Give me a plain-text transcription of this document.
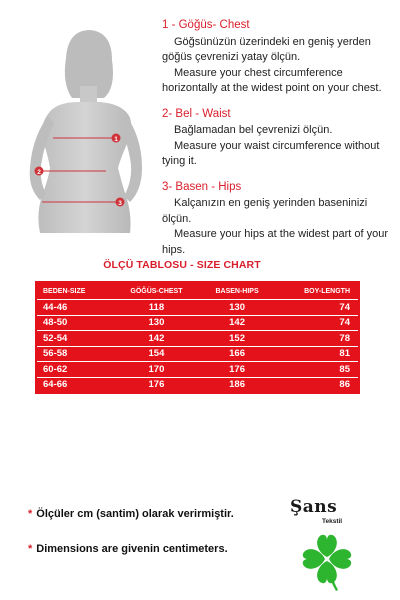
1
2
3
1 - Göğüs- Chest
Göğsünüzün üzerindeki en geniş yerden göğüs çevrenizi yatay ölçün.
Measure your chest circumference horizontally at the widest point on your chest.
2- Bel - Waist
Bağlamadan bel çevrenizi ölçün.
Measure your waist circumference without tying it.
3- Basen - Hips
Kalçanızın en geniş yerinden baseninizi ölçün.
Measure your hips at the widest part of your hips.
ÖLÇÜ TABLOSU - SIZE CHART
BEDEN-SIZE	GÖĞÜS-CHEST	BASEN-HIPS	BOY-LENGTH
44-46	118	130	74
48-50	130	142	74
52-54	142	152	78
56-58	154	166	81
60-62	170	176	85
64-66	176	186	86
* Ölçüler cm (santim) olarak verirmiştir.
* Dimensions are givenin centimeters.
Şans
Tekstil
